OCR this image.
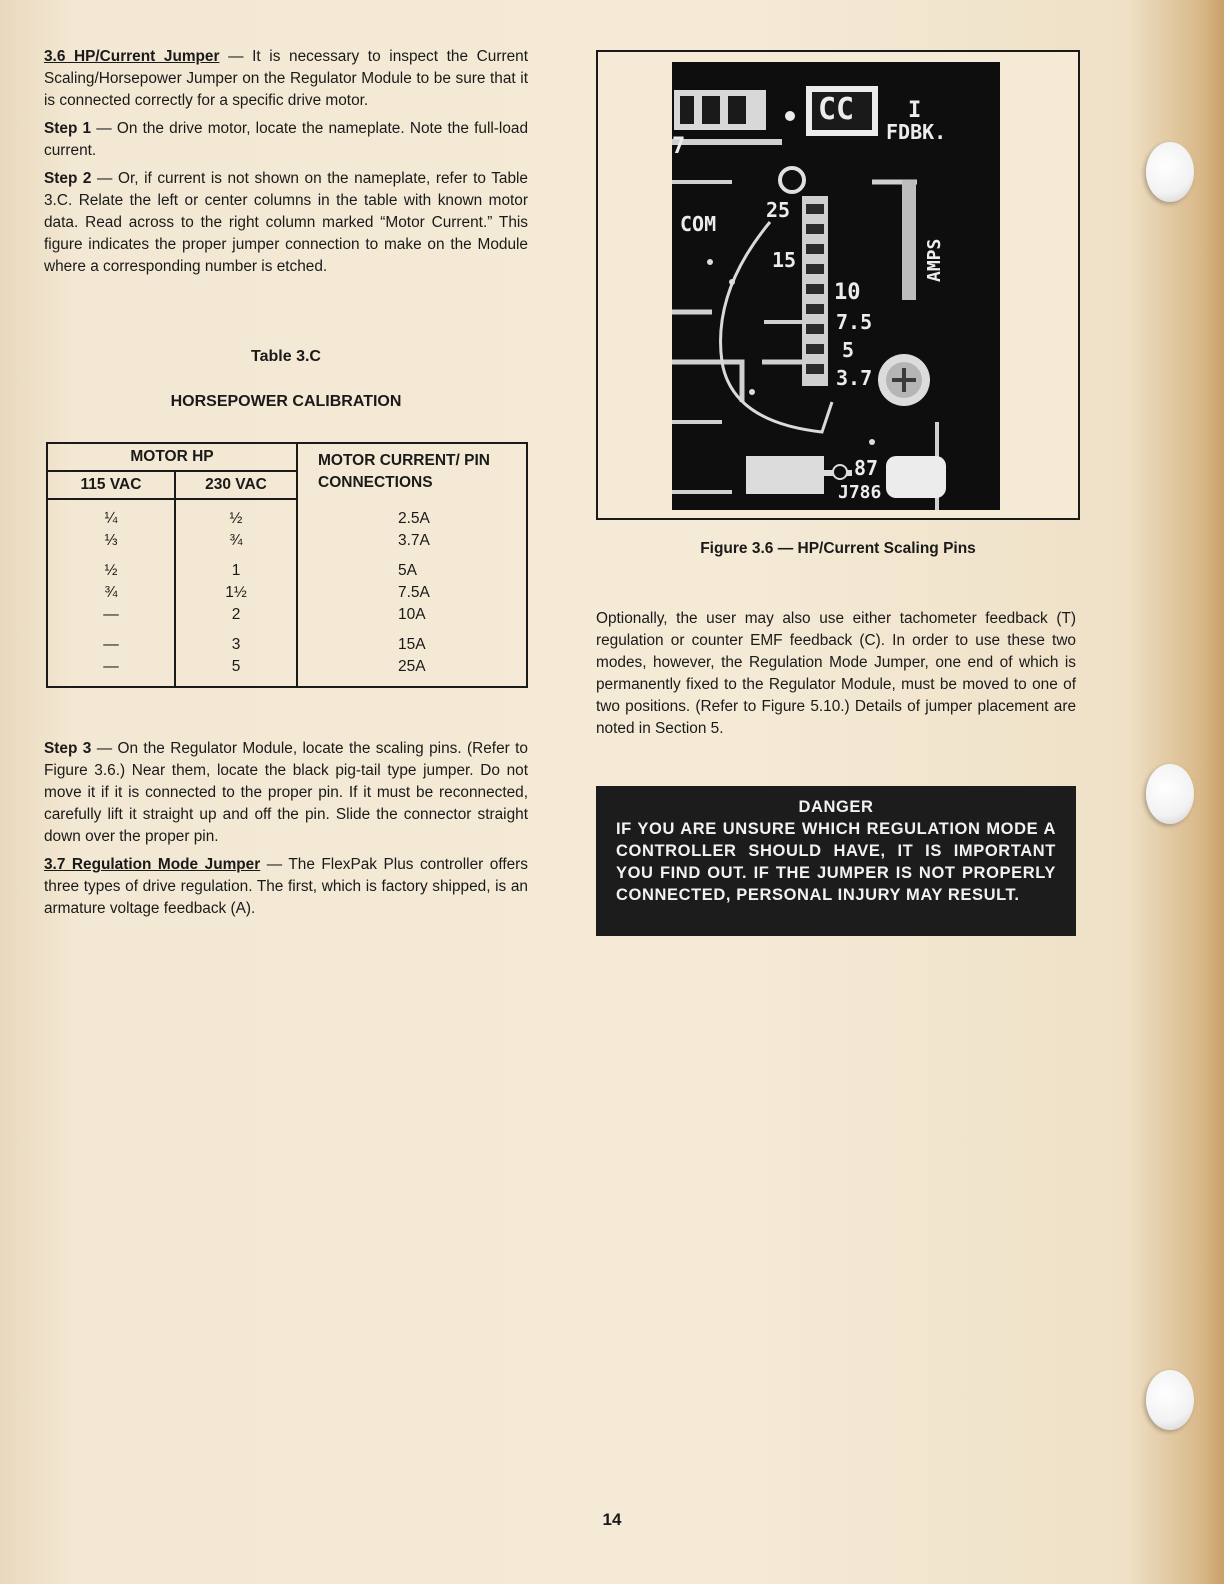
3.6 HP/Current Jumper — It is necessary to inspect the Current Scaling/Horsepower Jumper on the Regulator Module to be sure that it is connected correctly for a specific drive motor.

Step 1 — On the drive motor, locate the nameplate. Note the full-load current.

Step 2 — Or, if current is not shown on the nameplate, refer to Table 3.C. Relate the left or center columns in the table with known motor data. Read across to the right column marked “Motor Current.” This figure indicates the proper jumper connection to make on the Module where a corresponding number is etched.

Table 3.C

HORSEPOWER CALIBRATION

MOTOR HP		MOTOR CURRENT/ PIN CONNECTIONS
115 VAC	230 VAC	

¼	½	2.5A
⅓	¾	3.7A
½	1	5A
¾	1½	7.5A
—	2	10A
—	3	15A
—	5	25A

Step 3 — On the Regulator Module, locate the scaling pins. (Refer to Figure 3.6.) Near them, locate the black pig-tail type jumper. Do not move it if it is connected to the proper pin. If it must be reconnected, carefully lift it straight up and off the pin. Slide the connector straight down over the proper pin.

3.7 Regulation Mode Jumper — The FlexPak Plus controller offers three types of drive regulation. The first, which is factory shipped, is an armature voltage feedback (A).

CC I
FDBK.
7
COM
25
15
10
7.5
5
3.7
AMPS
87
J786
Figure 3.6 — HP/Current Scaling Pins

Optionally, the user may also use either tachometer feedback (T) regulation or counter EMF feedback (C). In order to use these two modes, however, the Regulation Mode Jumper, one end of which is permanently fixed to the Regulator Module, must be moved to one of two positions. (Refer to Figure 5.10.) Details of jumper placement are noted in Section 5.

DANGER
IF YOU ARE UNSURE WHICH REGULATION MODE A CONTROLLER SHOULD HAVE, IT IS IMPORTANT YOU FIND OUT. IF THE JUMPER IS NOT PROPERLY CONNECTED, PERSONAL INJURY MAY RESULT.
14
